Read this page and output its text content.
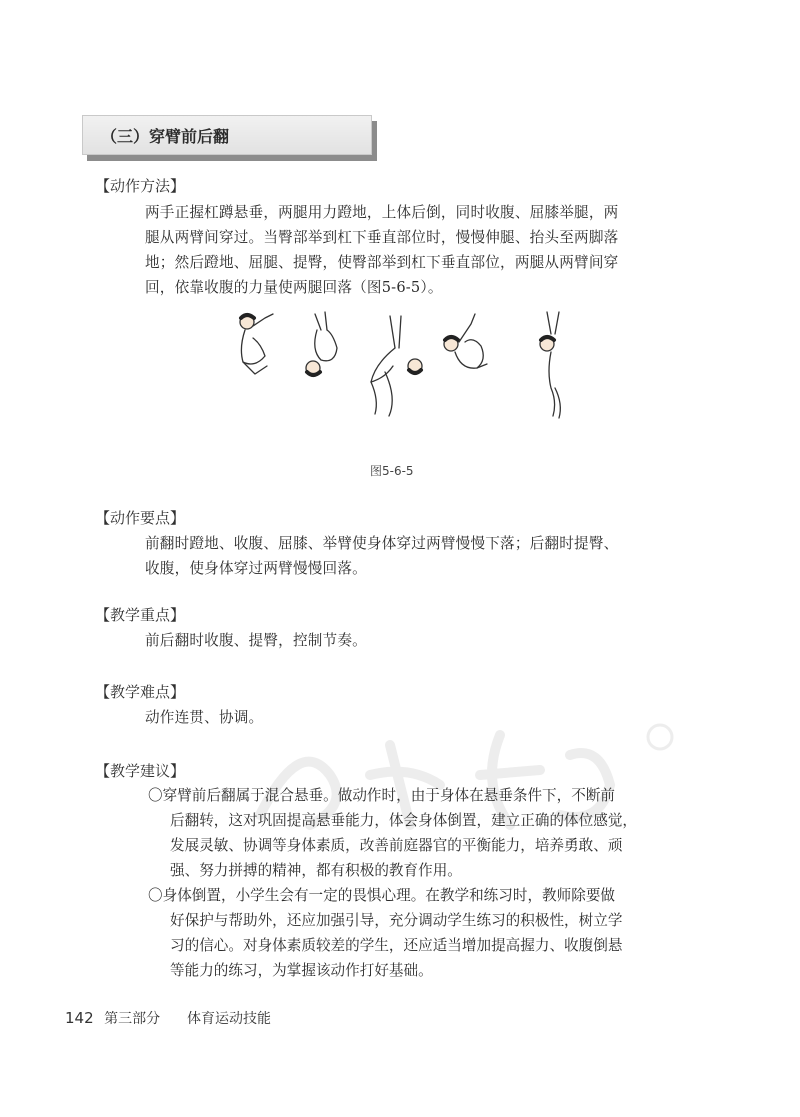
（三）穿臂前后翻
【动作方法】
两手正握杠蹲悬垂，两腿用力蹬地，上体后倒，同时收腹、屈膝举腿，两
腿从两臂间穿过。当臀部举到杠下垂直部位时，慢慢伸腿、抬头至两脚落
地；然后蹬地、屈腿、提臀，使臀部举到杠下垂直部位，两腿从两臂间穿
回，依靠收腹的力量使两腿回落（图5-6-5）。
图5-6-5
【动作要点】
前翻时蹬地、收腹、屈膝、举臂使身体穿过两臂慢慢下落；后翻时提臀、
收腹，使身体穿过两臂慢慢回落。
【教学重点】
前后翻时收腹、提臀，控制节奏。
【教学难点】
动作连贯、协调。
【教学建议】
〇穿臂前后翻属于混合悬垂。做动作时，由于身体在悬垂条件下，不断前
后翻转，这对巩固提高悬垂能力，体会身体倒置，建立正确的体位感觉，
发展灵敏、协调等身体素质，改善前庭器官的平衡能力，培养勇敢、顽
强、努力拼搏的精神，都有积极的教育作用。
〇身体倒置，小学生会有一定的畏惧心理。在教学和练习时，教师除要做
好保护与帮助外，还应加强引导，充分调动学生练习的积极性，树立学
习的信心。对身体素质较差的学生，还应适当增加提高握力、收腹倒悬
等能力的练习，为掌握该动作打好基础。
142 第三部分 体育运动技能
